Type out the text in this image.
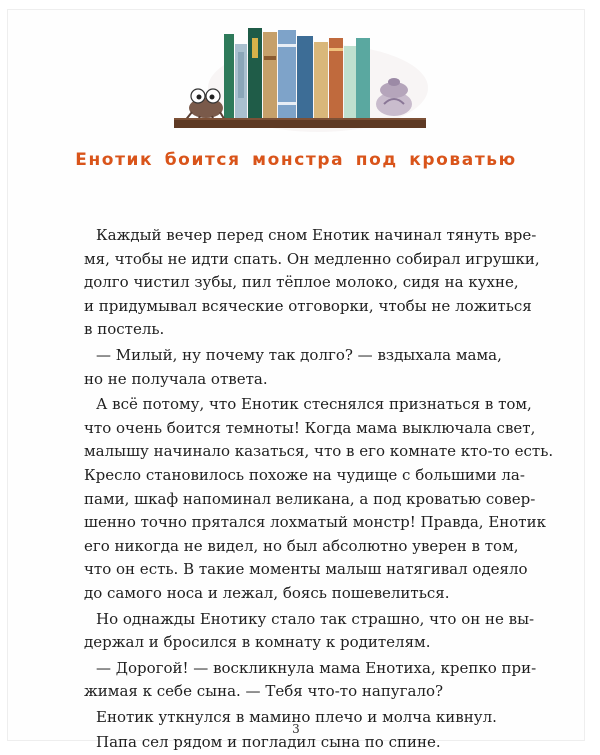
Енотик боится монстра под кроватью
Каждый вечер перед сном Енотик начинал тянуть вре-
мя, чтобы не идти спать. Он медленно собирал игрушки,
долго чистил зубы, пил тёплое молоко, сидя на кухне,
и придумывал всяческие отговорки, чтобы не ложиться
в постель.
— Милый, ну почему так долго? — вздыхала мама,
но не получала ответа.
А всё потому, что Енотик стеснялся признаться в том,
что очень боится темноты! Когда мама выключала свет,
малышу начинало казаться, что в его комнате кто-то есть.
Кресло становилось похоже на чудище с большими ла-
пами, шкаф напоминал великана, а под кроватью совер-
шенно точно прятался лохматый монстр! Правда, Енотик
его никогда не видел, но был абсолютно уверен в том,
что он есть. В такие моменты малыш натягивал одеяло
до самого носа и лежал, боясь пошевелиться.
Но однажды Енотику стало так страшно, что он не вы-
держал и бросился в комнату к родителям.
— Дорогой! — воскликнула мама Енотиха, крепко при-
жимая к себе сына. — Тебя что-то напугало?
Енотик уткнулся в мамино плечо и молча кивнул.
Папа сел рядом и погладил сына по спине.
3
